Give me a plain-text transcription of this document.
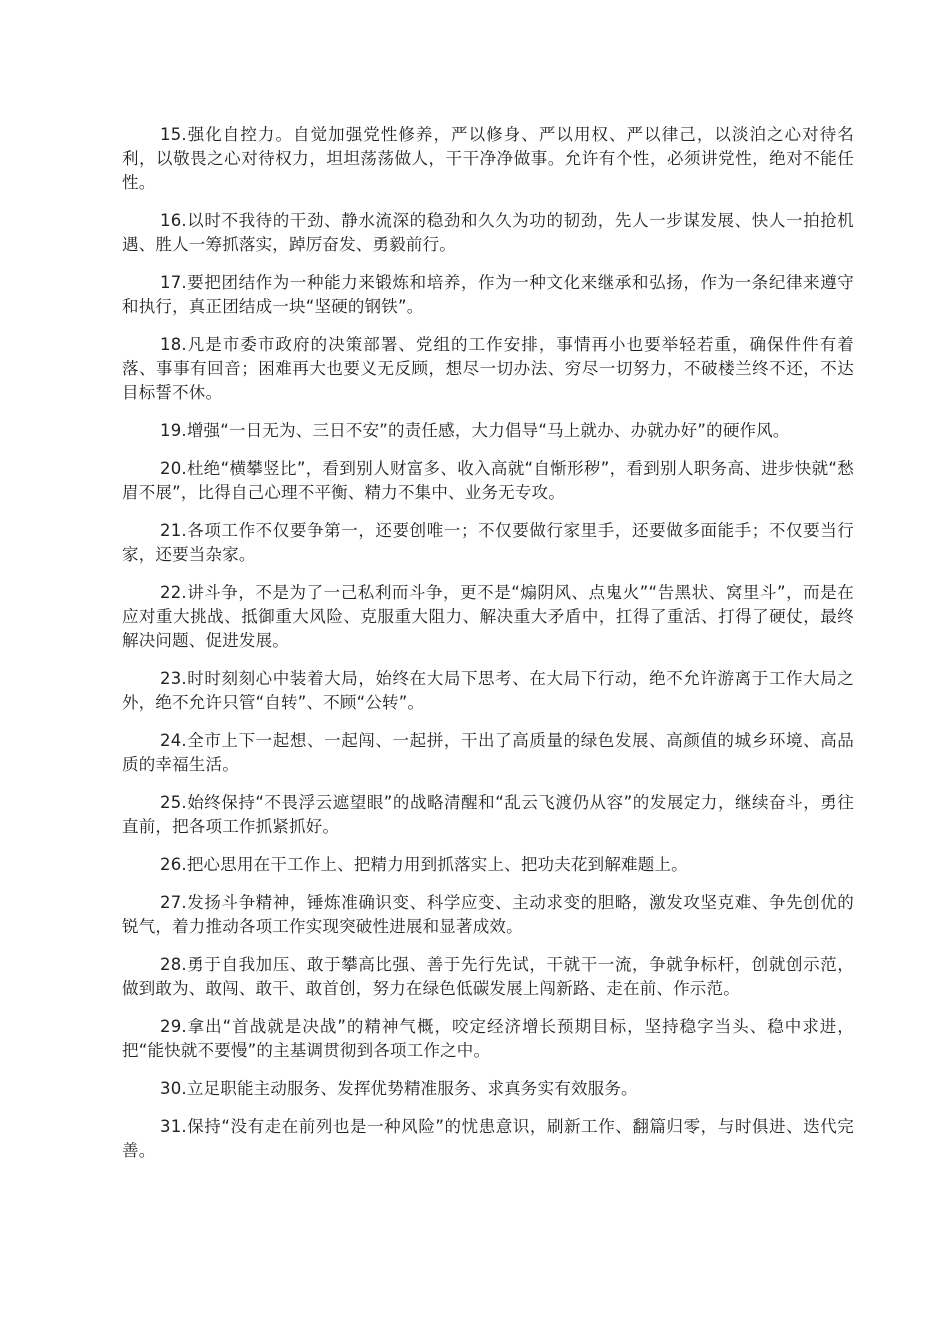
15.强化自控力。自觉加强党性修养，严以修身、严以用权、严以律己，以淡泊之心对待名利，以敬畏之心对待权力，坦坦荡荡做人，干干净净做事。允许有个性，必须讲党性，绝对不能任性。

16.以时不我待的干劲、静水流深的稳劲和久久为功的韧劲，先人一步谋发展、快人一拍抢机遇、胜人一筹抓落实，踔厉奋发、勇毅前行。

17.要把团结作为一种能力来锻炼和培养，作为一种文化来继承和弘扬，作为一条纪律来遵守和执行，真正团结成一块“坚硬的钢铁”。

18.凡是市委市政府的决策部署、党组的工作安排，事情再小也要举轻若重，确保件件有着落、事事有回音；困难再大也要义无反顾，想尽一切办法、穷尽一切努力，不破楼兰终不还，不达目标誓不休。

19.增强“一日无为、三日不安”的责任感，大力倡导“马上就办、办就办好”的硬作风。

20.杜绝“横攀竖比”，看到别人财富多、收入高就“自惭形秽”，看到别人职务高、进步快就“愁眉不展”，比得自己心理不平衡、精力不集中、业务无专攻。

21.各项工作不仅要争第一，还要创唯一；不仅要做行家里手，还要做多面能手；不仅要当行家，还要当杂家。

22.讲斗争，不是为了一己私利而斗争，更不是“煽阴风、点鬼火”“告黑状、窝里斗”，而是在应对重大挑战、抵御重大风险、克服重大阻力、解决重大矛盾中，扛得了重活、打得了硬仗，最终解决问题、促进发展。

23.时时刻刻心中装着大局，始终在大局下思考、在大局下行动，绝不允许游离于工作大局之外，绝不允许只管“自转”、不顾“公转”。

24.全市上下一起想、一起闯、一起拼，干出了高质量的绿色发展、高颜值的城乡环境、高品质的幸福生活。

25.始终保持“不畏浮云遮望眼”的战略清醒和“乱云飞渡仍从容”的发展定力，继续奋斗，勇往直前，把各项工作抓紧抓好。

26.把心思用在干工作上、把精力用到抓落实上、把功夫花到解难题上。

27.发扬斗争精神，锤炼准确识变、科学应变、主动求变的胆略，激发攻坚克难、争先创优的锐气，着力推动各项工作实现突破性进展和显著成效。

28.勇于自我加压、敢于攀高比强、善于先行先试，干就干一流，争就争标杆，创就创示范，做到敢为、敢闯、敢干、敢首创，努力在绿色低碳发展上闯新路、走在前、作示范。

29.拿出“首战就是决战”的精神气概，咬定经济增长预期目标，坚持稳字当头、稳中求进，把“能快就不要慢”的主基调贯彻到各项工作之中。

30.立足职能主动服务、发挥优势精准服务、求真务实有效服务。

31.保持“没有走在前列也是一种风险”的忧患意识，刷新工作、翻篇归零，与时俱进、迭代完善。
